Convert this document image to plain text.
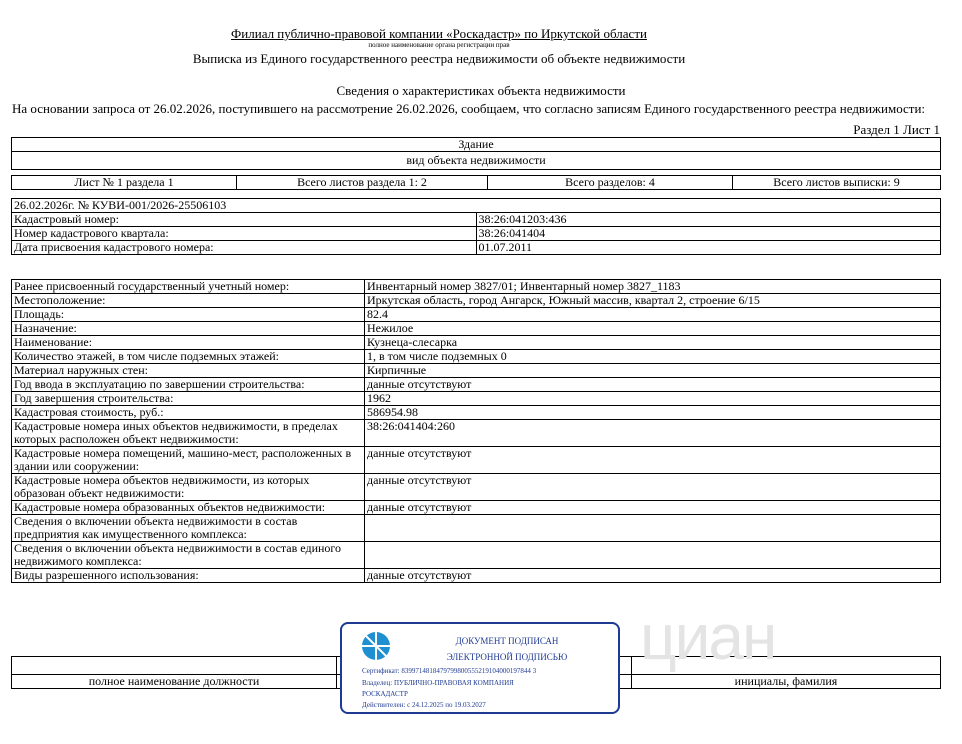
Филиал публично-правовой компании «Роскадастр» по Иркутской области
полное наименование органа регистрации прав
Выписка из Единого государственного реестра недвижимости об объекте недвижимости
Сведения о характеристиках объекта недвижимости
На основании запроса от 26.02.2026, поступившего на рассмотрение 26.02.2026, сообщаем, что согласно записям Единого государственного реестра недвижимости:
Раздел 1 Лист 1
Здание
вид объекта недвижимости
Лист № 1 раздела 1	Всего листов раздела 1: 2	Всего разделов: 4	Всего листов выписки: 9
26.02.2026г. № КУВИ-001/2026-25506103	
Кадастровый номер:	38:26:041203:436
Номер кадастрового квартала:	38:26:041404
Дата присвоения кадастрового номера:	01.07.2011
Ранее присвоенный государственный учетный номер:	Инвентарный номер 3827/01; Инвентарный номер 3827_1183
Местоположение:	Иркутская область, город Ангарск, Южный массив, квартал 2, строение 6/15
Площадь:	82.4
Назначение:	Нежилое
Наименование:	Кузнеца-слесарка
Количество этажей, в том числе подземных этажей:	1, в том числе подземных 0
Материал наружных стен:	Кирпичные
Год ввода в эксплуатацию по завершении строительства:	данные отсутствуют
Год завершения строительства:	1962
Кадастровая стоимость, руб.:	586954.98
Кадастровые номера иных объектов недвижимости, в пределах которых расположен объект недвижимости:	38:26:041404:260
Кадастровые номера помещений, машино-мест, расположенных в здании или сооружении:	данные отсутствуют
Кадастровые номера объектов недвижимости, из которых образован объект недвижимости:	данные отсутствуют
Кадастровые номера образованных объектов недвижимости:	данные отсутствуют
Сведения о включении объекта недвижимости в состав предприятия как имущественного комплекса:	
Сведения о включении объекта недвижимости в состав единого недвижимого комплекса:	
Виды разрешенного использования:	данные отсутствуют

полное наименование должности		инициалы, фамилия
циан
ДОКУМЕНТ ПОДПИСАН
ЭЛЕКТРОННОЙ ПОДПИСЬЮ
Сертификат: 8399714818479799800555219104000197844 3
Владелец: ПУБЛИЧНО-ПРАВОВАЯ КОМПАНИЯ
РОСКАДАСТР
Действителен: с 24.12.2025 по 19.03.2027
